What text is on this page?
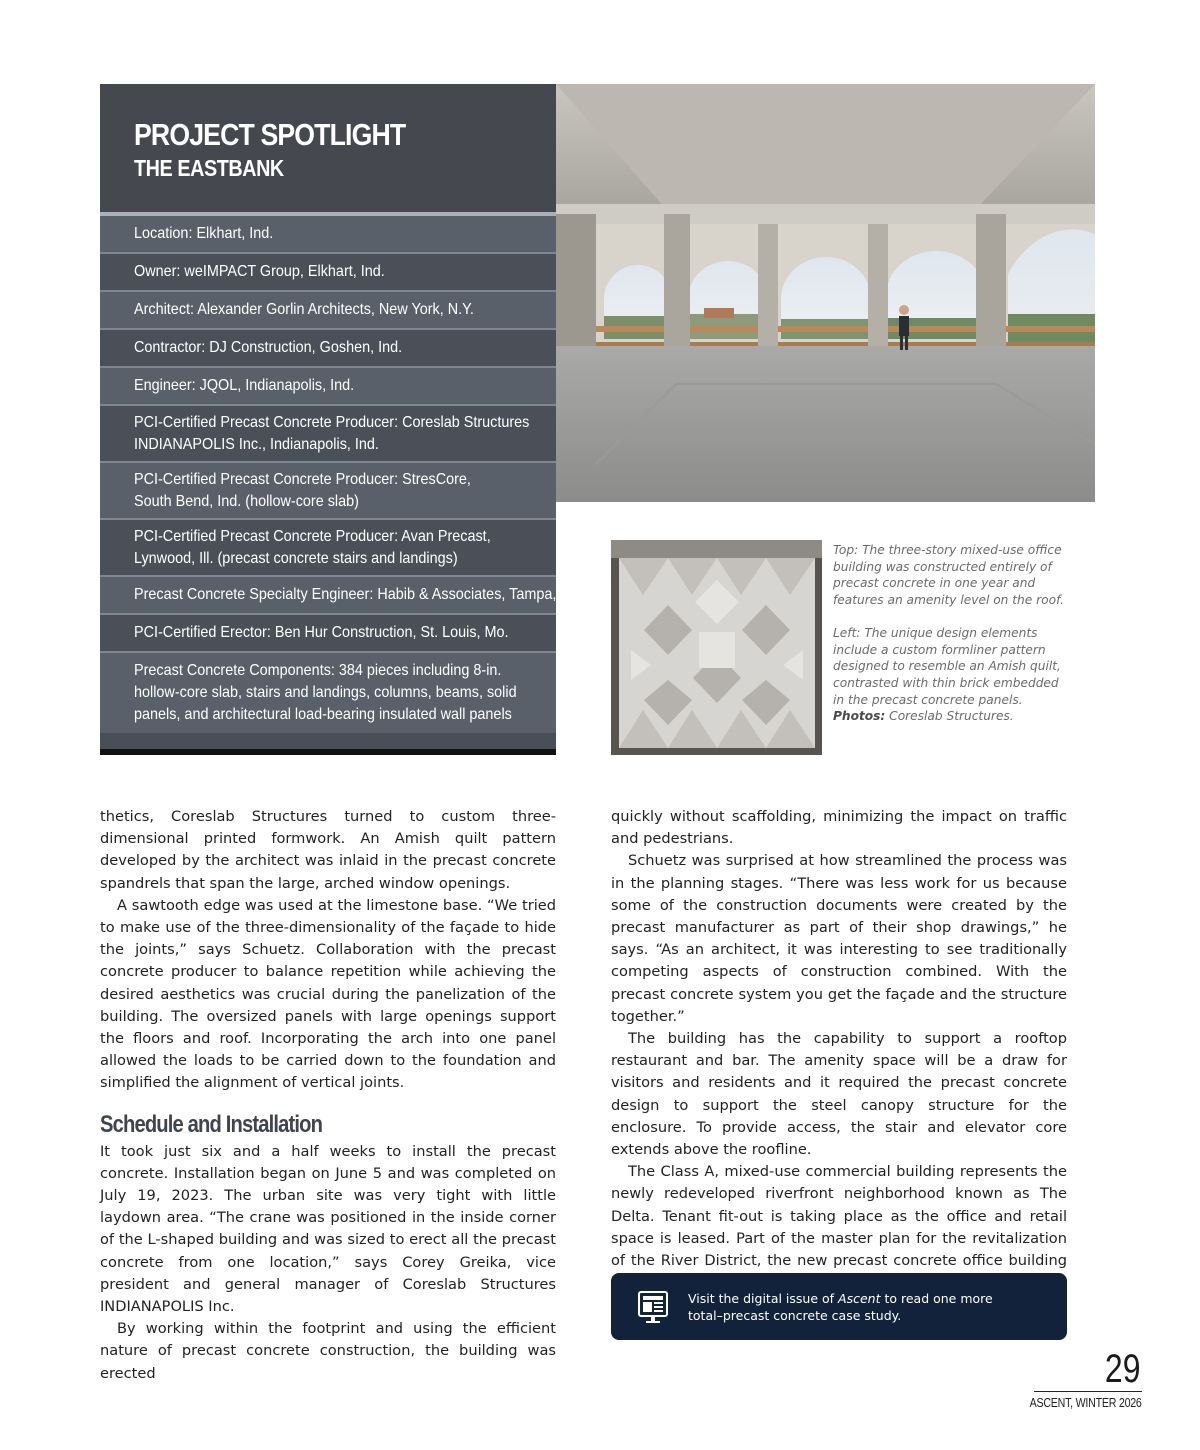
PROJECT SPOTLIGHT
THE EASTBANK
Location: Elkhart, Ind.
Owner: weIMPACT Group, Elkhart, Ind.
Architect: Alexander Gorlin Architects, New York, N.Y.
Contractor: DJ Construction, Goshen, Ind.
Engineer: JQOL, Indianapolis, Ind.
PCI-Certified Precast Concrete Producer: Coreslab Structures
INDIANAPOLIS Inc., Indianapolis, Ind.
PCI-Certified Precast Concrete Producer: StresCore,
South Bend, Ind. (hollow-core slab)
PCI-Certified Precast Concrete Producer: Avan Precast,
Lynwood, Ill. (precast concrete stairs and landings)
Precast Concrete Specialty Engineer: Habib & Associates, Tampa, Fla.
PCI-Certified Erector: Ben Hur Construction, St. Louis, Mo.
Precast Concrete Components: 384 pieces including 8-in.
hollow-core slab, stairs and landings, columns, beams, solid
panels, and architectural load-bearing insulated wall panels

Top: The three-story mixed-use office building was constructed entirely of precast concrete in one year and features an amenity level on the roof.

Left: The unique design elements include a custom formliner pattern designed to resemble an Amish quilt, contrasted with thin brick embedded in the precast concrete panels.
Photos: Coreslab Structures.

thetics, Coreslab Structures turned to custom three-dimensional printed formwork. An Amish quilt pattern developed by the architect was inlaid in the precast concrete spandrels that span the large, arched window openings.

A sawtooth edge was used at the limestone base. “We tried to make use of the three-dimensionality of the façade to hide the joints,” says Schuetz. Collaboration with the precast concrete producer to balance repetition while achieving the desired aesthetics was crucial during the panelization of the building. The oversized panels with large openings support the floors and roof. Incorporating the arch into one panel allowed the loads to be carried down to the foundation and simplified the alignment of vertical joints.

Schedule and Installation

It took just six and a half weeks to install the precast concrete. Installation began on June 5 and was completed on July 19, 2023. The urban site was very tight with little laydown area. “The crane was positioned in the inside corner of the L-shaped building and was sized to erect all the precast concrete from one location,” says Corey Greika, vice president and general manager of Coreslab Structures INDIANAPOLIS Inc.

By working within the footprint and using the efficient nature of precast concrete construction, the building was erected

quickly without scaffolding, minimizing the impact on traffic and pedestrians.

Schuetz was surprised at how streamlined the process was in the planning stages. “There was less work for us because some of the construction documents were created by the precast manufacturer as part of their shop drawings,” he says. “As an architect, it was interesting to see traditionally competing aspects of construction combined. With the precast concrete system you get the façade and the structure together.”

The building has the capability to support a rooftop restaurant and bar. The amenity space will be a draw for visitors and residents and it required the precast concrete design to support the steel canopy structure for the enclosure. To provide access, the stair and elevator core extends above the roofline.

The Class A, mixed-use commercial building represents the newly redeveloped riverfront neighborhood known as The Delta. Tenant fit-out is taking place as the office and retail space is leased. Part of the master plan for the revitalization of the River District, the new precast concrete office building

Visit the digital issue of Ascent to read one more
total–precast concrete case study.
29
ASCENT, WINTER 2026
